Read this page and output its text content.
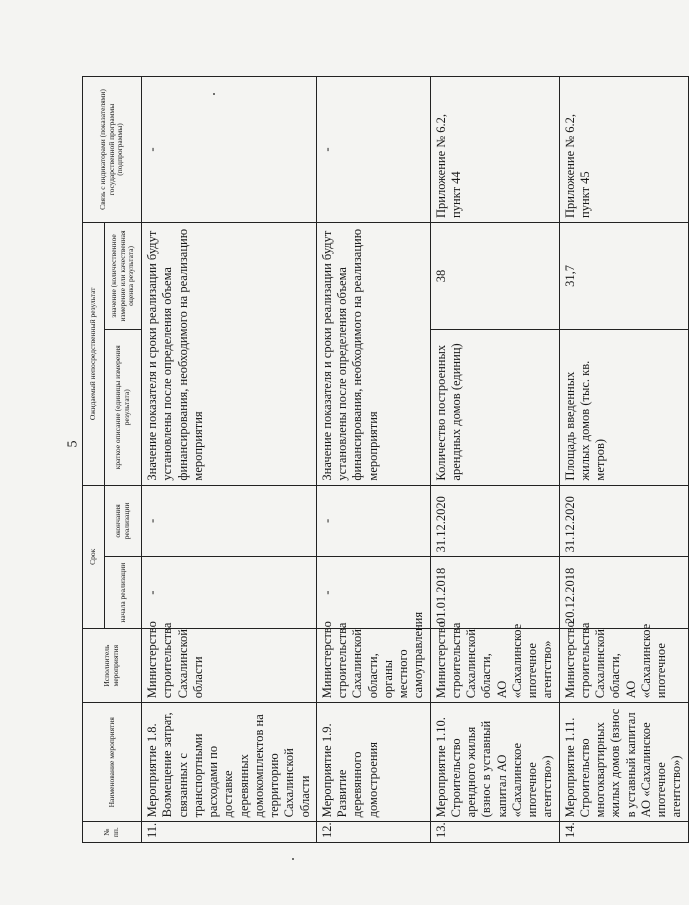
5
№ пп.	Наименование мероприятия	Исполнитель мероприятия	Срок		Ожидаемый непосредственный результат		Связь с индикаторами (показателями) государственной программы (подпрограммы)
			начала реализации	окончания реализации	краткое описание (единицы измерения результата)	значение (количественное измерение или качественная оценка результата)	
11.	Мероприятие 1.8. Возмещение затрат, связанных с транспортными расходами по доставке деревянных домокомплектов на территорию Сахалинской области	Министерство строительства Сахалинской области	-	-	Значение показателя и сроки реализации будут установлены после определения объема финансирования, необходимого на реализацию мероприятия		-
12.	Мероприятие 1.9. Развитие деревянного домостроения	Министерство строительства Сахалинской области, органы местного самоуправления	-	-	Значение показателя и сроки реализации будут установлены после определения объема финансирования, необходимого на реализацию мероприятия		-
13.	Мероприятие 1.10. Строительство арендного жилья (взнос в уставный капитал АО «Сахалинское ипотечное агентство»)	Министерство строительства Сахалинской области, АО «Сахалинское ипотечное агентство»	01.01.2018	31.12.2020	Количество построенных арендных домов (единиц)	38	Приложение № 6.2, пункт 44
14.	Мероприятие 1.11. Строительство многоквартирных жилых домов (взнос в уставный капитал АО «Сахалинское ипотечное агентство»)	Министерство строительства Сахалинской области, АО «Сахалинское ипотечное	20.12.2018	31.12.2020	Площадь введенных жилых домов (тыс. кв. метров)	31,7	Приложение № 6.2, пункт 45
